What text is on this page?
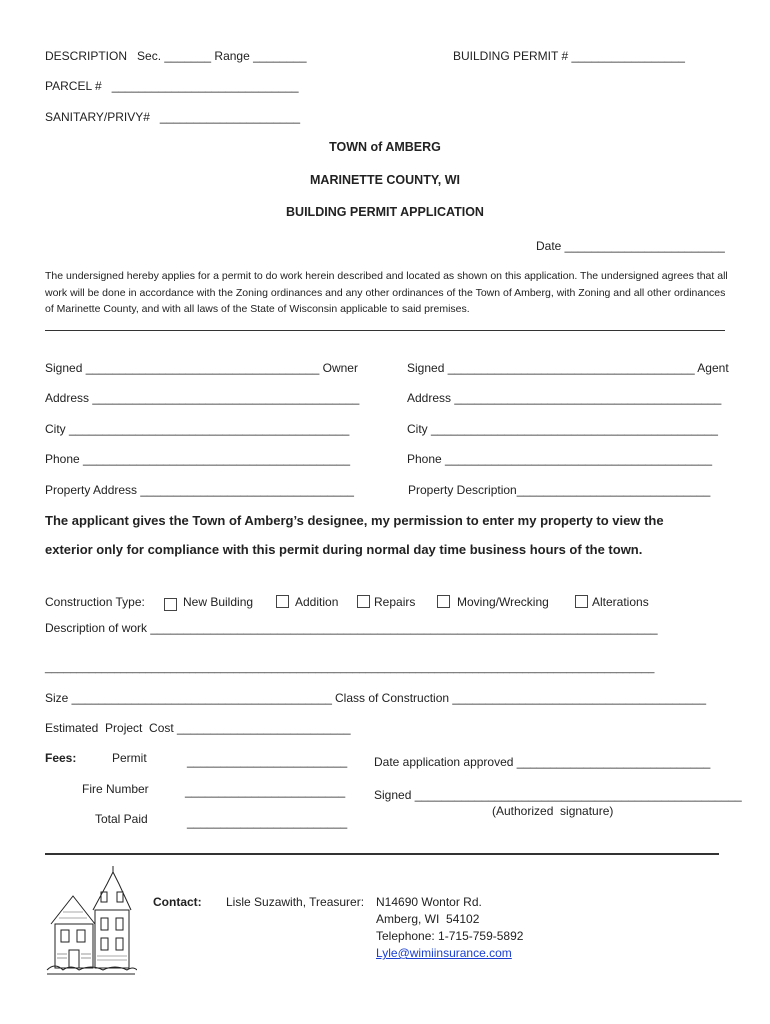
DESCRIPTION   Sec. _______ Range ________	BUILDING PERMIT # _________________
PARCEL #   ____________________________
SANITARY/PRIVY#   _____________________
TOWN of AMBERG
MARINETTE COUNTY, WI
BUILDING PERMIT APPLICATION
Date ________________________
The undersigned hereby applies for a permit to do work herein described and located as shown on this application. The undersigned agrees that all work will be done in accordance with the Zoning ordinances and any other ordinances of the Town of Amberg, with Zoning and all other ordinances of Marinette County, and with all laws of the State of Wisconsin applicable to said premises.
Signed ___________________________________ Owner
Address ________________________________________
City __________________________________________
Phone ________________________________________
Property Address ________________________________
Signed _____________________________________ Agent
Address ________________________________________
City ___________________________________________
Phone ________________________________________
Property Description_____________________________
The applicant gives the Town of Amberg’s designee, my permission to enter my property to view the
exterior only for compliance with this permit during normal day time business hours of the town.
Construction Type:	New Building	Addition	Repairs	Moving/Wrecking	Alterations
Description of work ____________________________________________________________________________
_________________________________________________________________________________________________
Size _______________________________________ Class of Construction ______________________________________
Estimated  Project  Cost __________________________
Fees:	Permit	________________________
Fire Number	________________________
Total Paid	________________________
Date application approved _____________________________
Signed _________________________________________________
(Authorized  signature)
Contact: Lisle Suzawith, Treasurer: N14690 Wontor Rd.
Amberg, WI  54102
Telephone: 1-715-759-5892
Lyle@wimiinsurance.com
